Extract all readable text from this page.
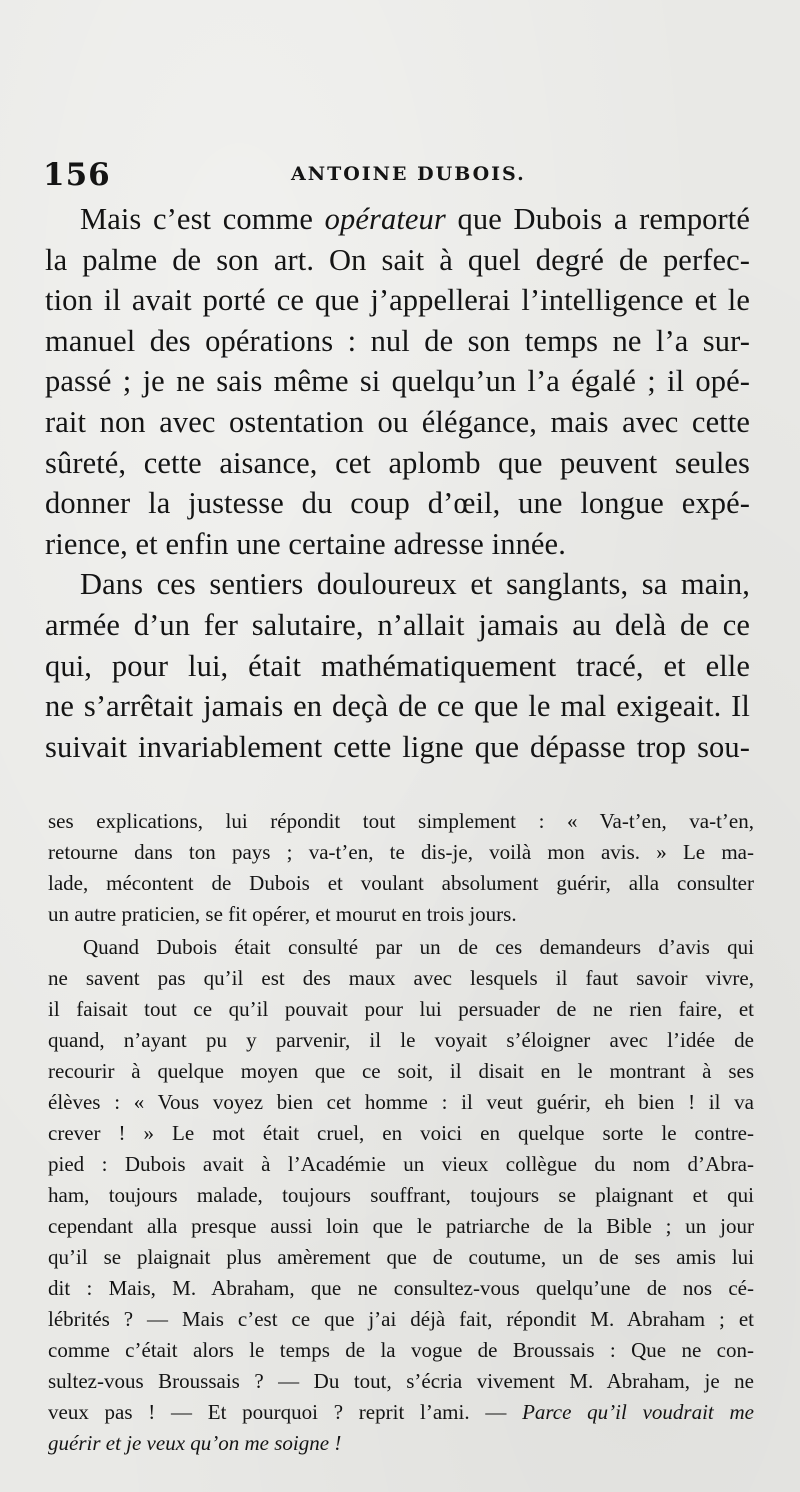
156	ANTOINE DUBOIS.
Mais c’est comme opérateur que Dubois a remporté
la palme de son art. On sait à quel degré de perfec-
tion il avait porté ce que j’appellerai l’intelligence et le
manuel des opérations : nul de son temps ne l’a sur-
passé ; je ne sais même si quelqu’un l’a égalé ; il opé-
rait non avec ostentation ou élégance, mais avec cette
sûreté, cette aisance, cet aplomb que peuvent seules
donner la justesse du coup d’œil, une longue expé-
rience, et enfin une certaine adresse innée.
Dans ces sentiers douloureux et sanglants, sa main,
armée d’un fer salutaire, n’allait jamais au delà de ce
qui, pour lui, était mathématiquement tracé, et elle
ne s’arrêtait jamais en deçà de ce que le mal exigeait. Il
suivait invariablement cette ligne que dépasse trop sou-
ses explications, lui répondit tout simplement : « Va-t’en, va-t’en,
retourne dans ton pays ; va-t’en, te dis-je, voilà mon avis. » Le ma-
lade, mécontent de Dubois et voulant absolument guérir, alla consulter
un autre praticien, se fit opérer, et mourut en trois jours.
Quand Dubois était consulté par un de ces demandeurs d’avis qui
ne savent pas qu’il est des maux avec lesquels il faut savoir vivre,
il faisait tout ce qu’il pouvait pour lui persuader de ne rien faire, et
quand, n’ayant pu y parvenir, il le voyait s’éloigner avec l’idée de
recourir à quelque moyen que ce soit, il disait en le montrant à ses
élèves : « Vous voyez bien cet homme : il veut guérir, eh bien ! il va
crever ! » Le mot était cruel, en voici en quelque sorte le contre-
pied : Dubois avait à l’Académie un vieux collègue du nom d’Abra-
ham, toujours malade, toujours souffrant, toujours se plaignant et qui
cependant alla presque aussi loin que le patriarche de la Bible ; un jour
qu’il se plaignait plus amèrement que de coutume, un de ses amis lui
dit : Mais, M. Abraham, que ne consultez-vous quelqu’une de nos cé-
lébrités ? — Mais c’est ce que j’ai déjà fait, répondit M. Abraham ; et
comme c’était alors le temps de la vogue de Broussais : Que ne con-
sultez-vous Broussais ? — Du tout, s’écria vivement M. Abraham, je ne
veux pas ! — Et pourquoi ? reprit l’ami. — Parce qu’il voudrait me
guérir et je veux qu’on me soigne !
